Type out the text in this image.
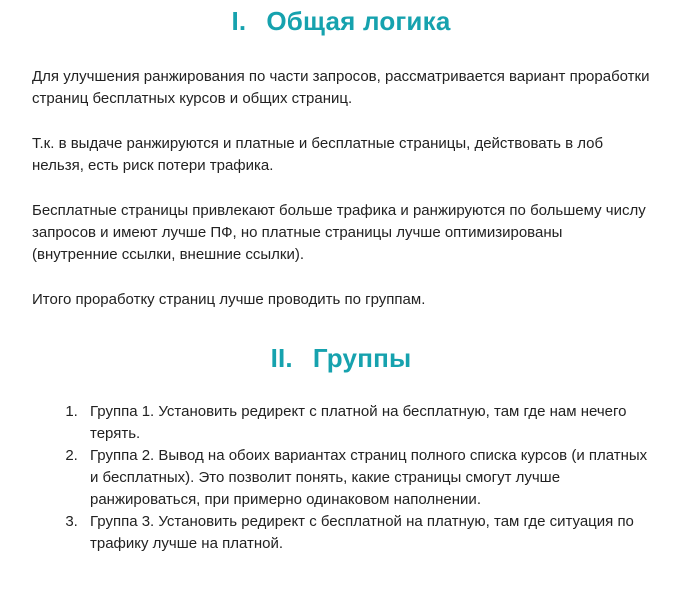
I. Общая логика

Для улучшения ранжирования по части запросов, рассматривается вариант проработки страниц бесплатных курсов и общих страниц.

Т.к. в выдаче ранжируются и платные и бесплатные страницы, действовать в лоб нельзя, есть риск потери трафика.

Бесплатные страницы привлекают больше трафика и ранжируются по большему числу запросов и имеют лучше ПФ, но платные страницы лучше оптимизированы (внутренние ссылки, внешние ссылки).

Итого проработку страниц лучше проводить по группам.

II. Группы
1. Группа 1. Установить редирект с платной на бесплатную, там где нам нечего терять.
2. Группа 2. Вывод на обоих вариантах страниц полного списка курсов (и платных и бесплатных). Это позволит понять, какие страницы смогут лучше ранжироваться, при примерно одинаковом наполнении.
3. Группа 3. Установить редирект с бесплатной на платную, там где ситуация по трафику лучше на платной.
